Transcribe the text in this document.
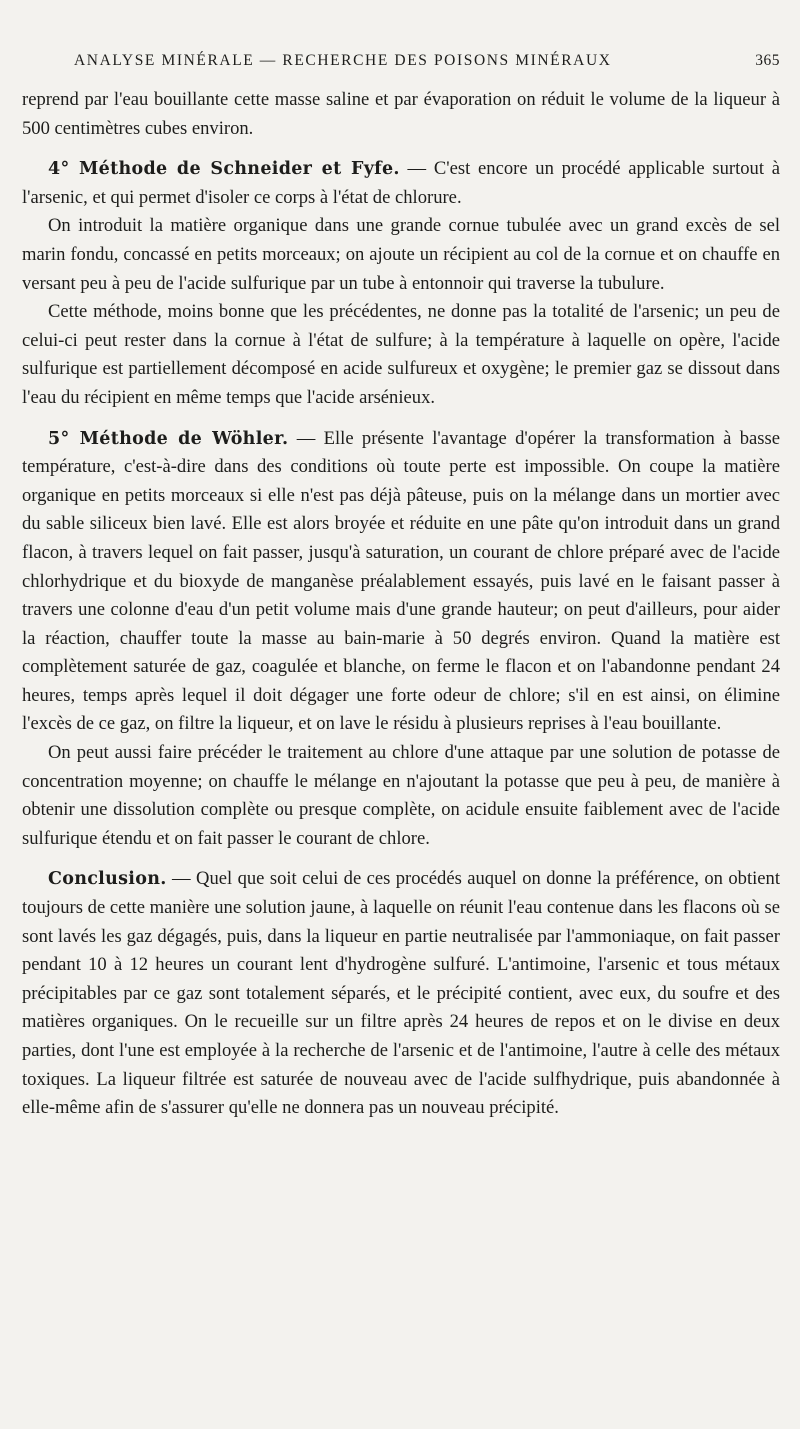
ANALYSE MINÉRALE — RECHERCHE DES POISONS MINÉRAUX	365

reprend par l'eau bouillante cette masse saline et par évaporation on réduit le volume de la liqueur à 500 centimètres cubes environ.

4° Méthode de Schneider et Fyfe. — C'est encore un procédé applicable surtout à l'arsenic, et qui permet d'isoler ce corps à l'état de chlorure.

On introduit la matière organique dans une grande cornue tubulée avec un grand excès de sel marin fondu, concassé en petits morceaux; on ajoute un récipient au col de la cornue et on chauffe en versant peu à peu de l'acide sulfurique par un tube à entonnoir qui traverse la tubulure.

Cette méthode, moins bonne que les précédentes, ne donne pas la totalité de l'arsenic; un peu de celui-ci peut rester dans la cornue à l'état de sulfure; à la température à laquelle on opère, l'acide sulfurique est partiellement décomposé en acide sulfureux et oxygène; le premier gaz se dissout dans l'eau du récipient en même temps que l'acide arsénieux.

5° Méthode de Wöhler. — Elle présente l'avantage d'opérer la transformation à basse température, c'est-à-dire dans des conditions où toute perte est impossible. On coupe la matière organique en petits morceaux si elle n'est pas déjà pâteuse, puis on la mélange dans un mortier avec du sable siliceux bien lavé. Elle est alors broyée et réduite en une pâte qu'on introduit dans un grand flacon, à travers lequel on fait passer, jusqu'à saturation, un courant de chlore préparé avec de l'acide chlorhydrique et du bioxyde de manganèse préalablement essayés, puis lavé en le faisant passer à travers une colonne d'eau d'un petit volume mais d'une grande hauteur; on peut d'ailleurs, pour aider la réaction, chauffer toute la masse au bain-marie à 50 degrés environ. Quand la matière est complètement saturée de gaz, coagulée et blanche, on ferme le flacon et on l'abandonne pendant 24 heures, temps après lequel il doit dégager une forte odeur de chlore; s'il en est ainsi, on élimine l'excès de ce gaz, on filtre la liqueur, et on lave le résidu à plusieurs reprises à l'eau bouillante.

On peut aussi faire précéder le traitement au chlore d'une attaque par une solution de potasse de concentration moyenne; on chauffe le mélange en n'ajoutant la potasse que peu à peu, de manière à obtenir une dissolution complète ou presque complète, on acidule ensuite faiblement avec de l'acide sulfurique étendu et on fait passer le courant de chlore.

Conclusion. — Quel que soit celui de ces procédés auquel on donne la préférence, on obtient toujours de cette manière une solution jaune, à laquelle on réunit l'eau contenue dans les flacons où se sont lavés les gaz dégagés, puis, dans la liqueur en partie neutralisée par l'ammoniaque, on fait passer pendant 10 à 12 heures un courant lent d'hydrogène sulfuré. L'antimoine, l'arsenic et tous métaux précipitables par ce gaz sont totalement séparés, et le précipité contient, avec eux, du soufre et des matières organiques. On le recueille sur un filtre après 24 heures de repos et on le divise en deux parties, dont l'une est employée à la recherche de l'arsenic et de l'antimoine, l'autre à celle des métaux toxiques. La liqueur filtrée est saturée de nouveau avec de l'acide sulfhydrique, puis abandonnée à elle-même afin de s'assurer qu'elle ne donnera pas un nouveau précipité.
